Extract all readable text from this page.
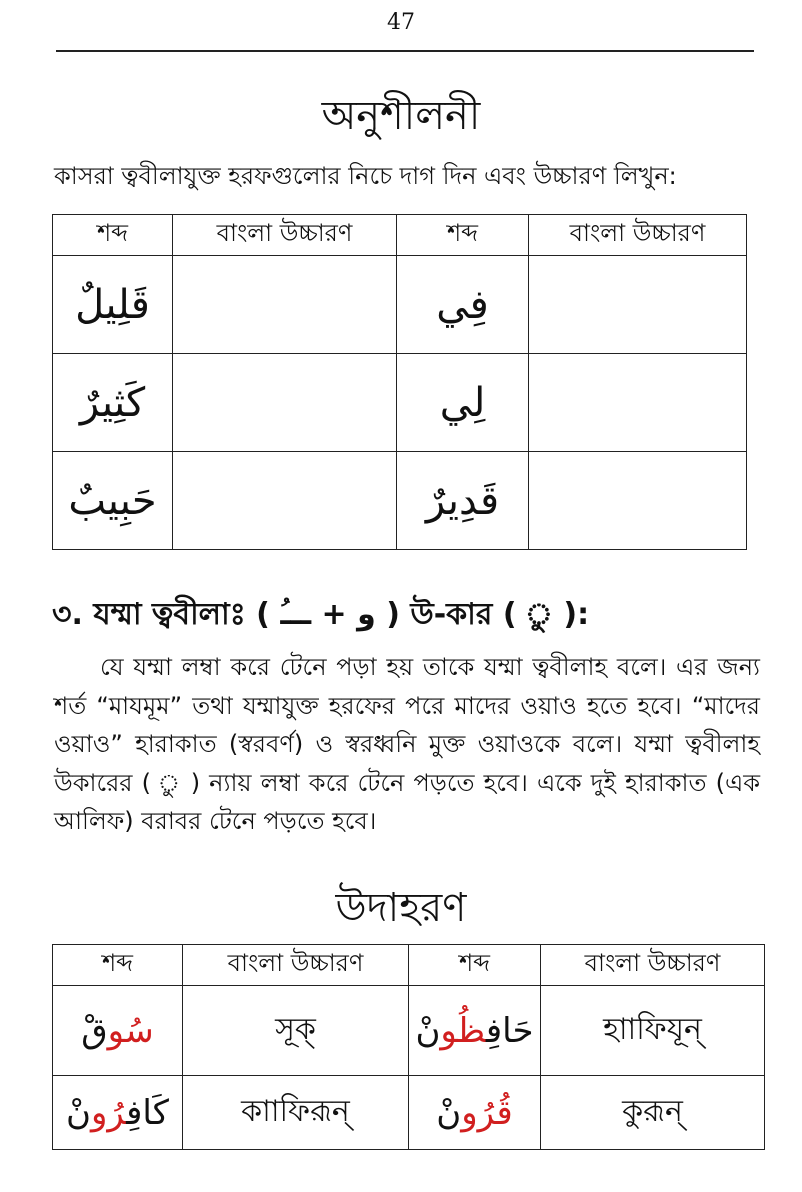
47
অনুশীলনী
কাসরা ত্ববীলাযুক্ত হরফগুলোর নিচে দাগ দিন এবং উচ্চারণ লিখুন:
শব্দ	বাংলা উচ্চারণ	শব্দ	বাংলা উচ্চারণ
قَلِيلٌ		فِي	
كَثِيرٌ		لِي	
حَبِيبٌ		قَدِيرٌ	
৩. যম্মা ত্ববীলাঃ ( و + ـــُ ) উ-কার ( ু ):
যে যম্মা লম্বা করে টেনে পড়া হয় তাকে যম্মা ত্ববীলাহ বলে। এর জন্য শর্ত “মাযমূম” তথা যম্মাযুক্ত হরফের পরে মাদের ওয়াও হতে হবে। “মাদের ওয়াও” হারাকাত (স্বরবর্ণ) ও স্বরধ্বনি মুক্ত ওয়াওকে বলে। যম্মা ত্ববীলাহ উকারের ( ু ) ন্যায় লম্বা করে টেনে পড়তে হবে। একে দুই হারাকাত (এক আলিফ) বরাবর টেনে পড়তে হবে।
উদাহরণ
শব্দ	বাংলা উচ্চারণ	শব্দ	বাংলা উচ্চারণ
سُوقْ	সূক্	حَافِظُونْ	হাাফিযূন্
كَافِرُونْ	কাাফিরূন্	قُرُونْ	কুরূন্
